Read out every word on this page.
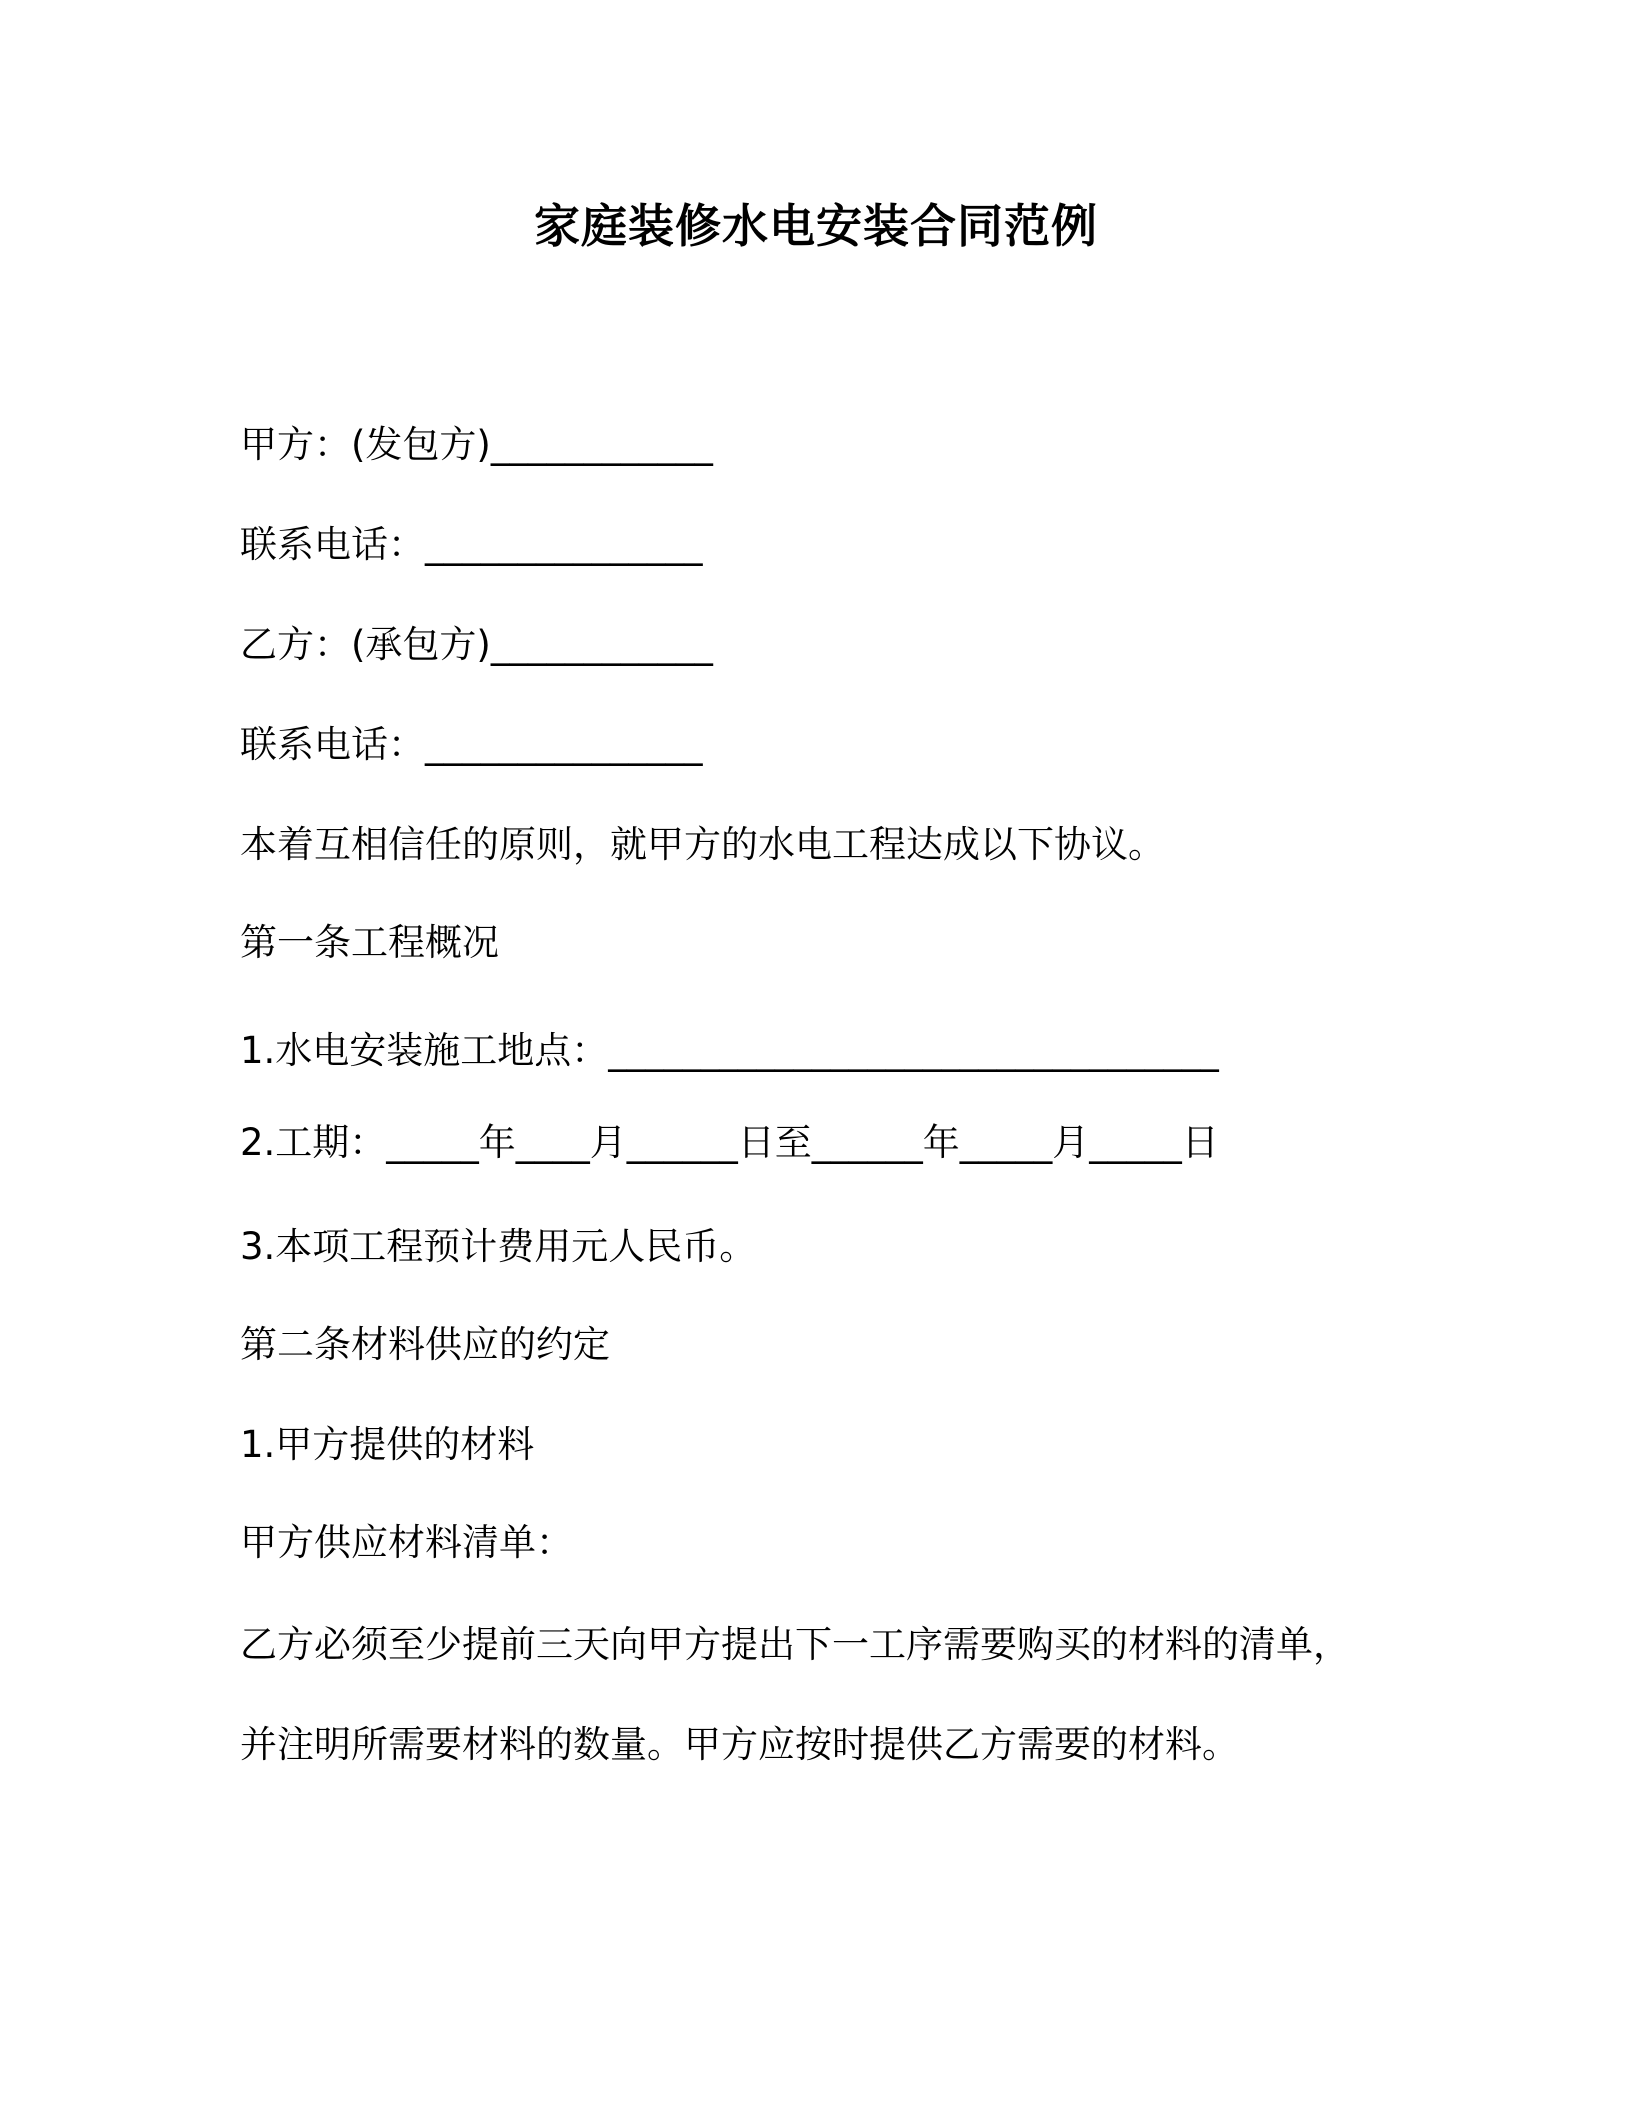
家庭装修水电安装合同范例
甲方：(发包方)____________
联系电话：_______________
乙方：(承包方)____________
联系电话：_______________
本着互相信任的原则，就甲方的水电工程达成以下协议。
第一条工程概况
1.水电安装施工地点：_________________________________
2.工期：_____年____月______日至______年_____月_____日
3.本项工程预计费用元人民币。
第二条材料供应的约定
1.甲方提供的材料
甲方供应材料清单：
乙方必须至少提前三天向甲方提出下一工序需要购买的材料的清单，
并注明所需要材料的数量。甲方应按时提供乙方需要的材料。
